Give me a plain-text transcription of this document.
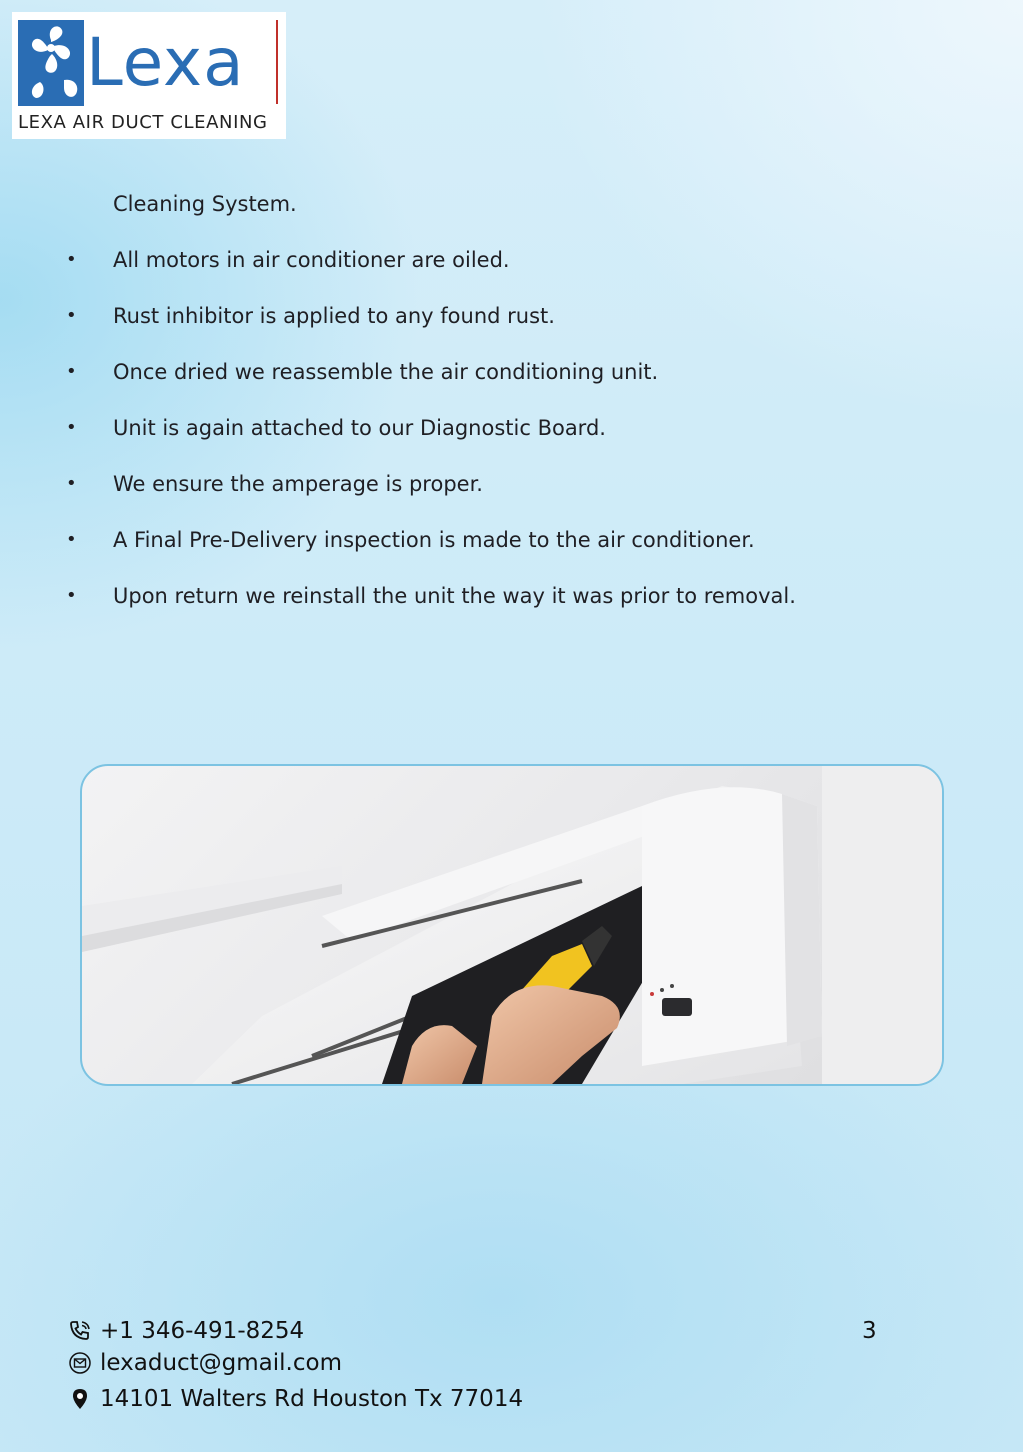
Lexa
LEXA AIR DUCT CLEANING
Cleaning System.
• All motors in air conditioner are oiled.
• Rust inhibitor is applied to any found rust.
• Once dried we reassemble the air conditioning unit.
• Unit is again attached to our Diagnostic Board.
• We ensure the amperage is proper.
• A Final Pre-Delivery inspection is made to the air conditioner.
• Upon return we reinstall the unit the way it was prior to removal.
+1 346-491-8254
lexaduct@gmail.com
14101 Walters Rd Houston Tx 77014
3
